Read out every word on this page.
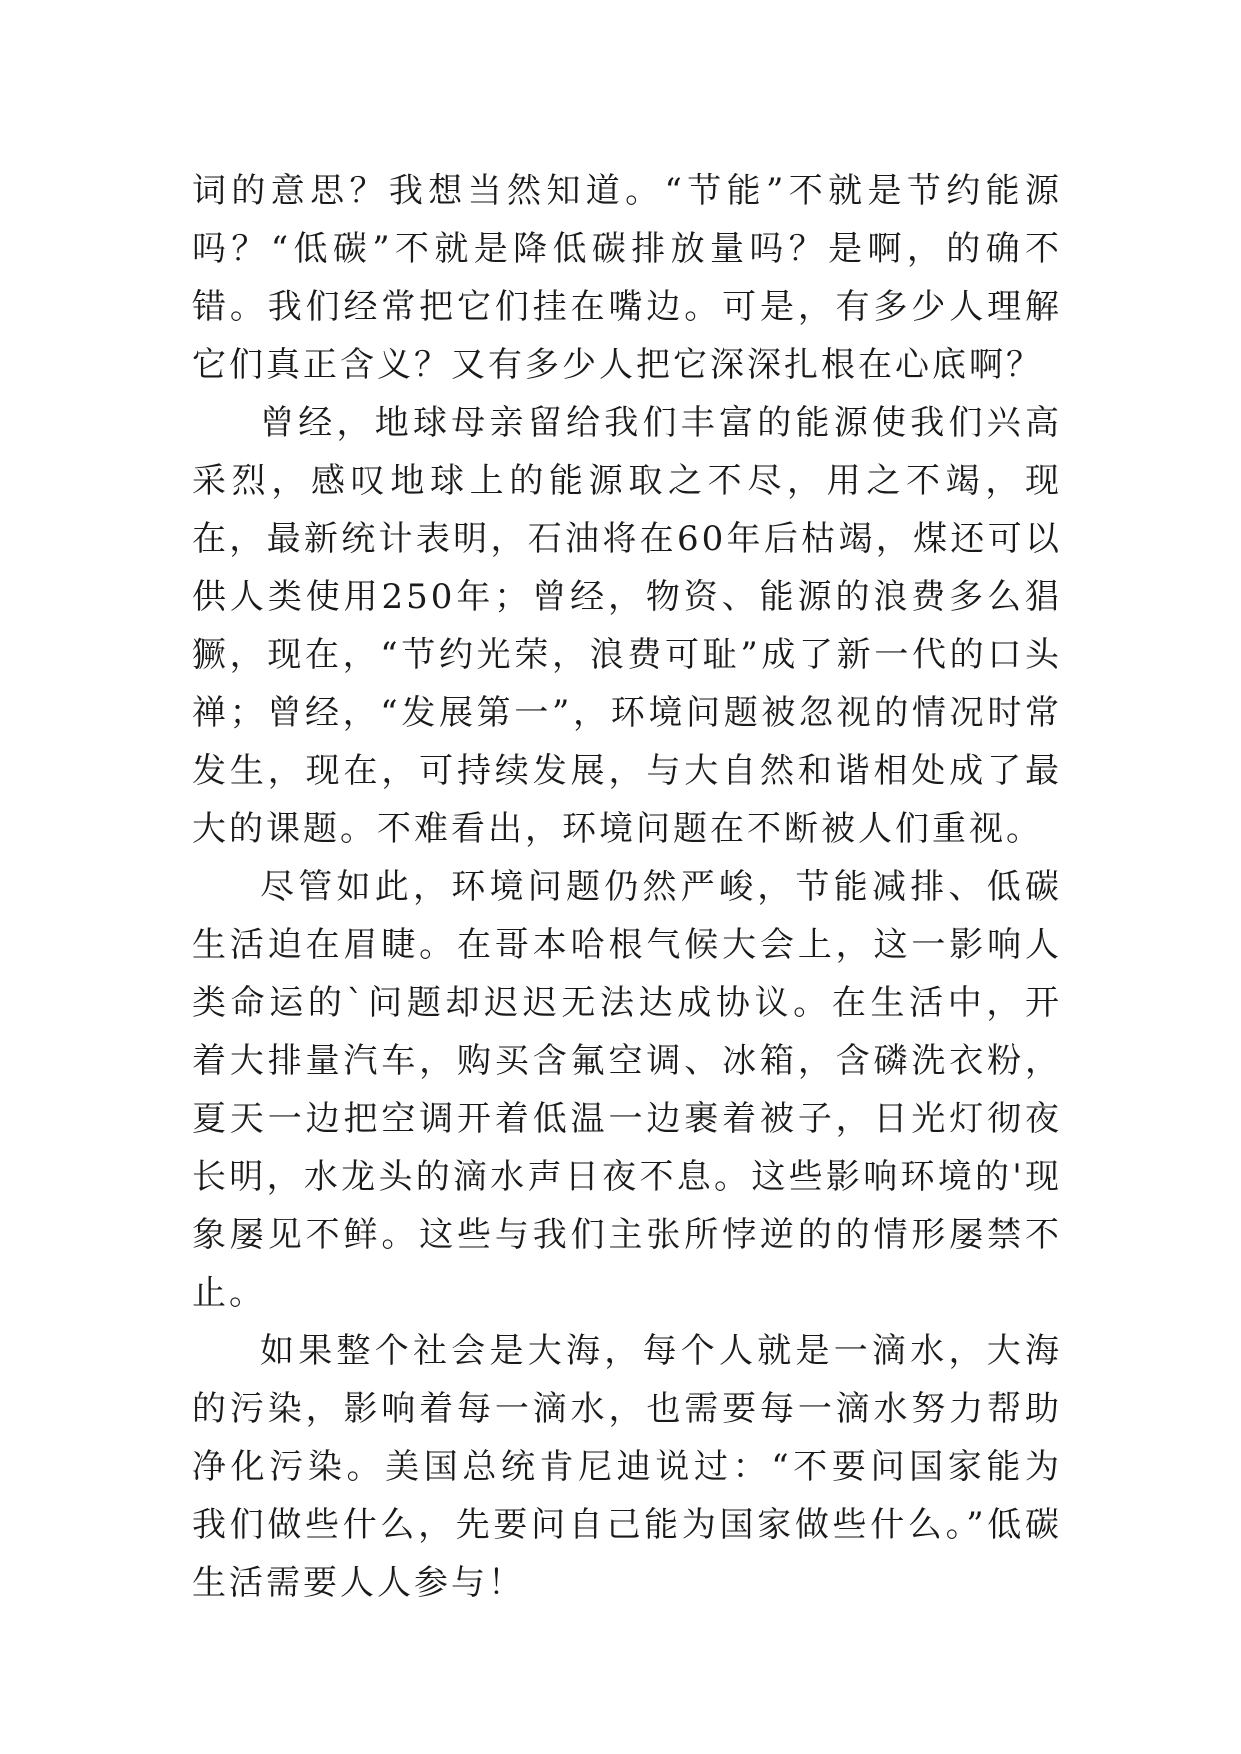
词的意思？我想当然知道。“节能”不就是节约能源吗？“低碳”不就是降低碳排放量吗？是啊，的确不错。我们经常把它们挂在嘴边。可是，有多少人理解它们真正含义？又有多少人把它深深扎根在心底啊？

曾经，地球母亲留给我们丰富的能源使我们兴高采烈，感叹地球上的能源取之不尽，用之不竭，现在，最新统计表明，石油将在60年后枯竭，煤还可以供人类使用250年；曾经，物资、能源的浪费多么猖獗，现在，“节约光荣，浪费可耻”成了新一代的口头禅；曾经，“发展第一”，环境问题被忽视的情况时常发生，现在，可持续发展，与大自然和谐相处成了最大的课题。不难看出，环境问题在不断被人们重视。

尽管如此，环境问题仍然严峻，节能减排、低碳生活迫在眉睫。在哥本哈根气候大会上，这一影响人类命运的`问题却迟迟无法达成协议。在生活中，开着大排量汽车，购买含氟空调、冰箱，含磷洗衣粉，夏天一边把空调开着低温一边裹着被子，日光灯彻夜长明，水龙头的滴水声日夜不息。这些影响环境的'现象屡见不鲜。这些与我们主张所悖逆的的情形屡禁不止。

如果整个社会是大海，每个人就是一滴水，大海的污染，影响着每一滴水，也需要每一滴水努力帮助净化污染。美国总统肯尼迪说过：“不要问国家能为我们做些什么，先要问自己能为国家做些什么。”低碳生活需要人人参与！
